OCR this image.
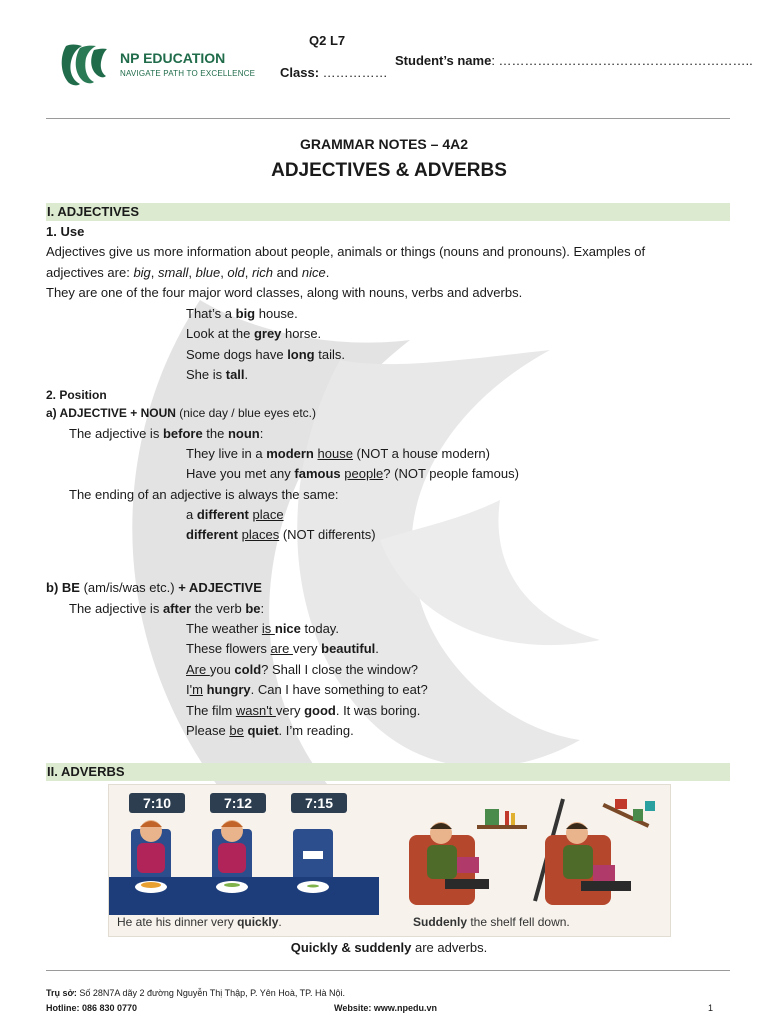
NP EDUCATION
NAVIGATE PATH TO EXCELLENCE
Q2 L7
Class: ……………
Student’s name: …………………………………………………..
GRAMMAR NOTES – 4A2
ADJECTIVES & ADVERBS
I. ADJECTIVES
1. Use
Adjectives give us more information about people, animals or things (nouns and pronouns). Examples of
adjectives are: big, small, blue, old, rich and nice.
They are one of the four major word classes, along with nouns, verbs and adverbs.
That’s a big house.
Look at the grey horse.
Some dogs have long tails.
She is tall.
2. Position
a) ADJECTIVE + NOUN (nice day / blue eyes etc.)
The adjective is before the noun:
They live in a modern house (NOT a house modern)
Have you met any famous people? (NOT people famous)
The ending of an adjective is always the same:
a different place
different places (NOT differents)
b) BE (am/is/was etc.) + ADJECTIVE
The adjective is after the verb be:
The weather is nice today.
These flowers are very beautiful.
Are you cold? Shall I close the window?
I'm hungry. Can I have something to eat?
The film wasn't very good. It was boring.
Please be quiet. I’m reading.
II. ADVERBS
7:10	7:12	7:15
He ate his dinner very quickly.	Suddenly the shelf fell down.
Quickly & suddenly are adverbs.
Trụ sở: Số 28N7A dãy 2 đường Nguyễn Thị Thập, P. Yên Hoà, TP. Hà Nội.
Hotline: 086 830 0770	Website: www.npedu.vn	1
